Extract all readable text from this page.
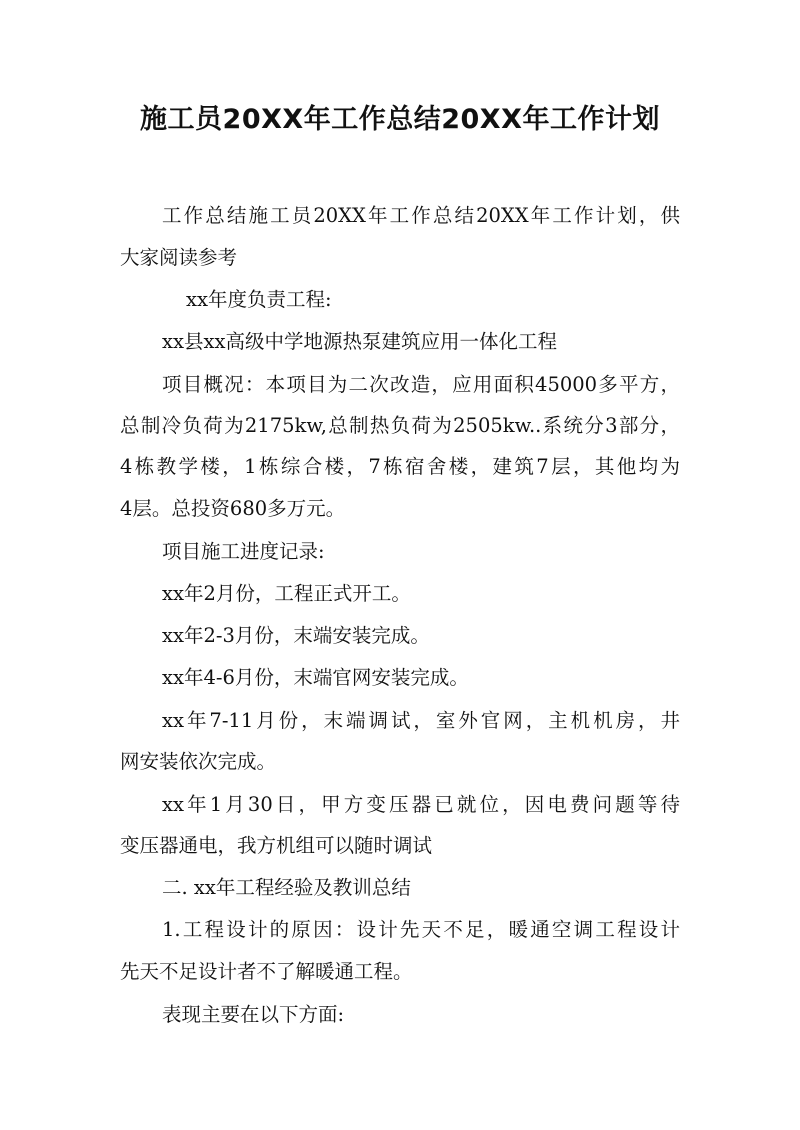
施工员20XX年工作总结20XX年工作计划
工作总结施工员20XX年工作总结20XX年工作计划，供
大家阅读参考
xx年度负责工程:
xx县xx高级中学地源热泵建筑应用一体化工程
项目概况：本项目为二次改造，应用面积45000多平方，
总制冷负荷为2175kw,总制热负荷为2505kw..系统分3部分，
4栋教学楼，1栋综合楼，7栋宿舍楼，建筑7层，其他均为
4层。总投资680多万元。
项目施工进度记录:
xx年2月份，工程正式开工。
xx年2-3月份，末端安装完成。
xx年4-6月份，末端官网安装完成。
xx年7-11月份，末端调试，室外官网，主机机房，井
网安装依次完成。
xx年1月30日，甲方变压器已就位，因电费问题等待
变压器通电，我方机组可以随时调试
二. xx年工程经验及教训总结
1.工程设计的原因：设计先天不足，暖通空调工程设计
先天不足设计者不了解暖通工程。
表现主要在以下方面:
